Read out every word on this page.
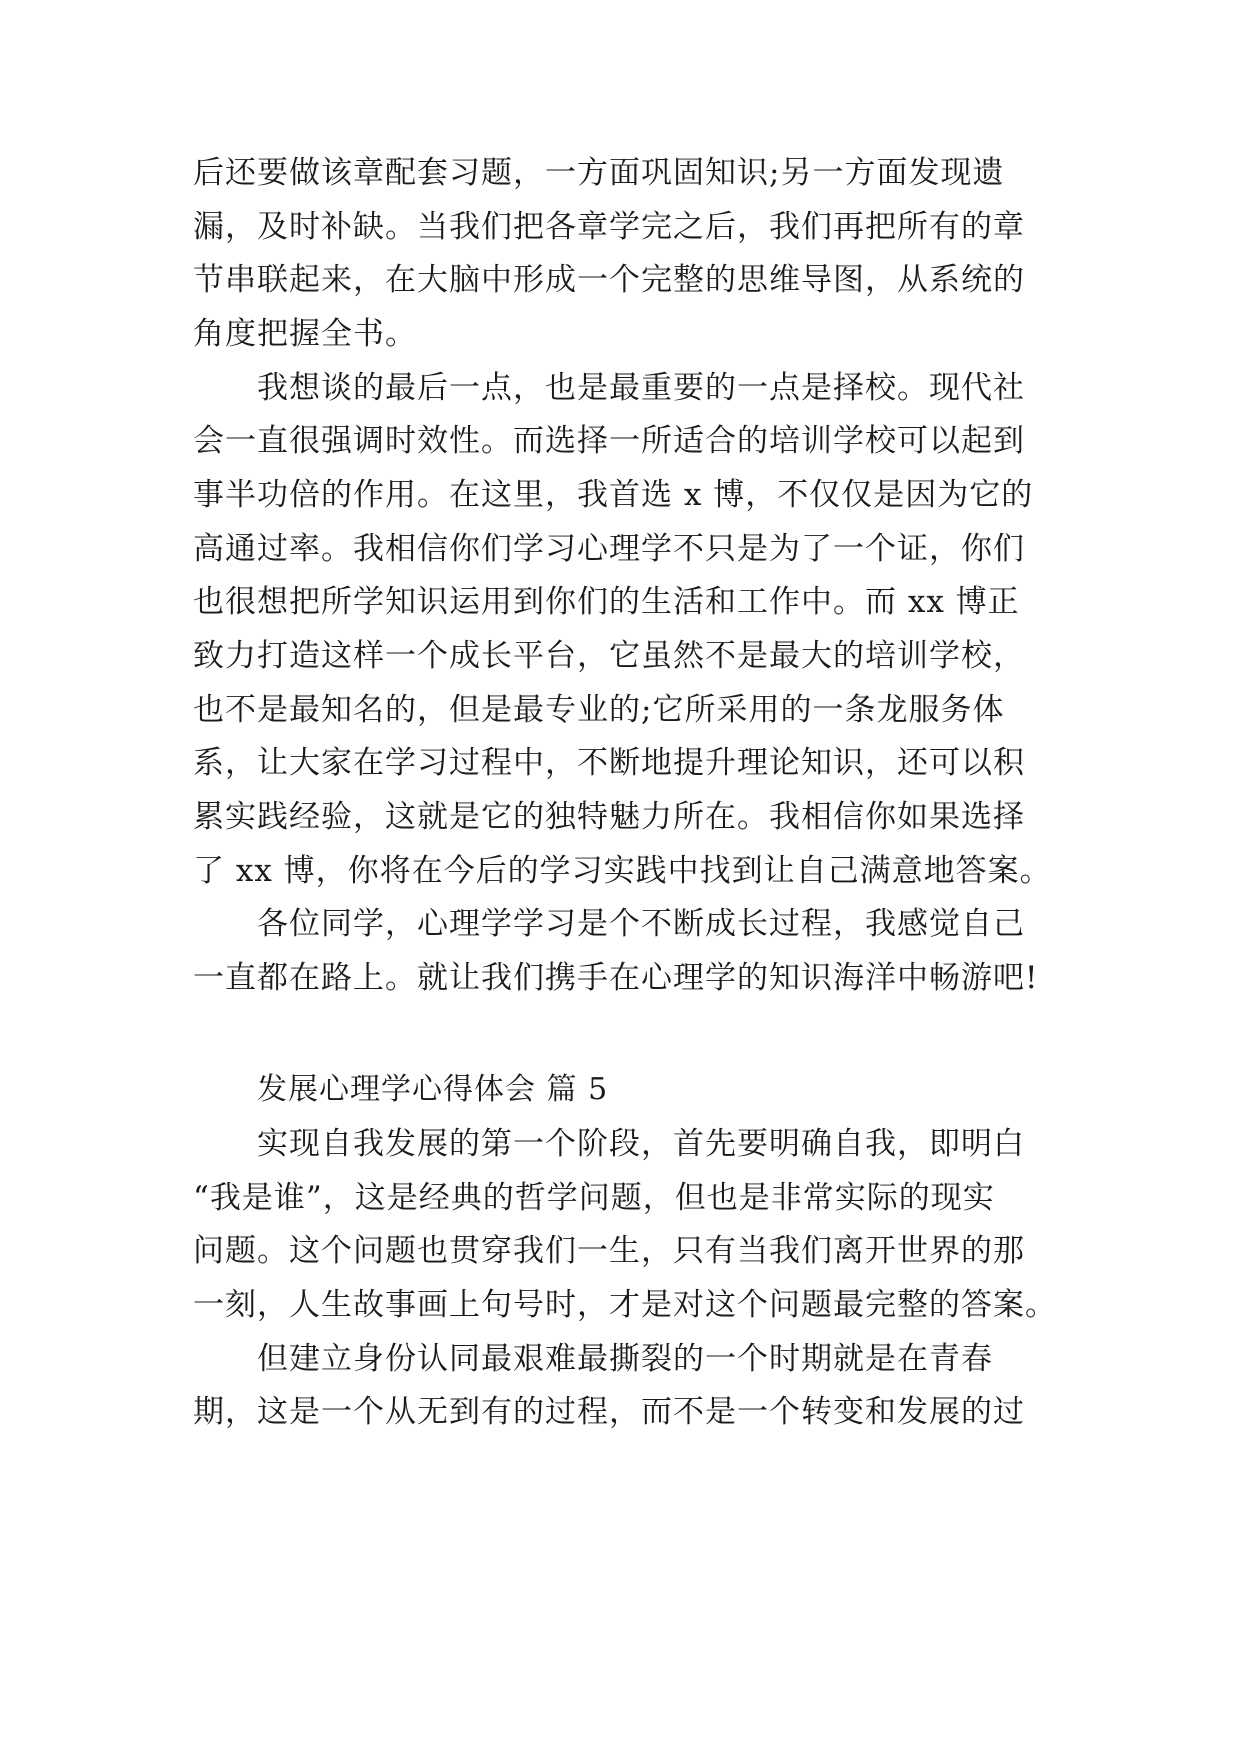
后还要做该章配套习题，一方面巩固知识;另一方面发现遗
漏，及时补缺。当我们把各章学完之后，我们再把所有的章
节串联起来，在大脑中形成一个完整的思维导图，从系统的
角度把握全书。
我想谈的最后一点，也是最重要的一点是择校。现代社
会一直很强调时效性。而选择一所适合的培训学校可以起到
事半功倍的作用。在这里，我首选 x 博，不仅仅是因为它的
高通过率。我相信你们学习心理学不只是为了一个证，你们
也很想把所学知识运用到你们的生活和工作中。而 xx 博正
致力打造这样一个成长平台，它虽然不是最大的培训学校，
也不是最知名的，但是最专业的;它所采用的一条龙服务体
系，让大家在学习过程中，不断地提升理论知识，还可以积
累实践经验，这就是它的独特魅力所在。我相信你如果选择
了 xx 博，你将在今后的学习实践中找到让自己满意地答案。
各位同学，心理学学习是个不断成长过程，我感觉自己
一直都在路上。就让我们携手在心理学的知识海洋中畅游吧!
发展心理学心得体会 篇 5
实现自我发展的第一个阶段，首先要明确自我，即明白
“我是谁”，这是经典的哲学问题，但也是非常实际的现实
问题。这个问题也贯穿我们一生，只有当我们离开世界的那
一刻，人生故事画上句号时，才是对这个问题最完整的答案。
但建立身份认同最艰难最撕裂的一个时期就是在青春
期，这是一个从无到有的过程，而不是一个转变和发展的过
